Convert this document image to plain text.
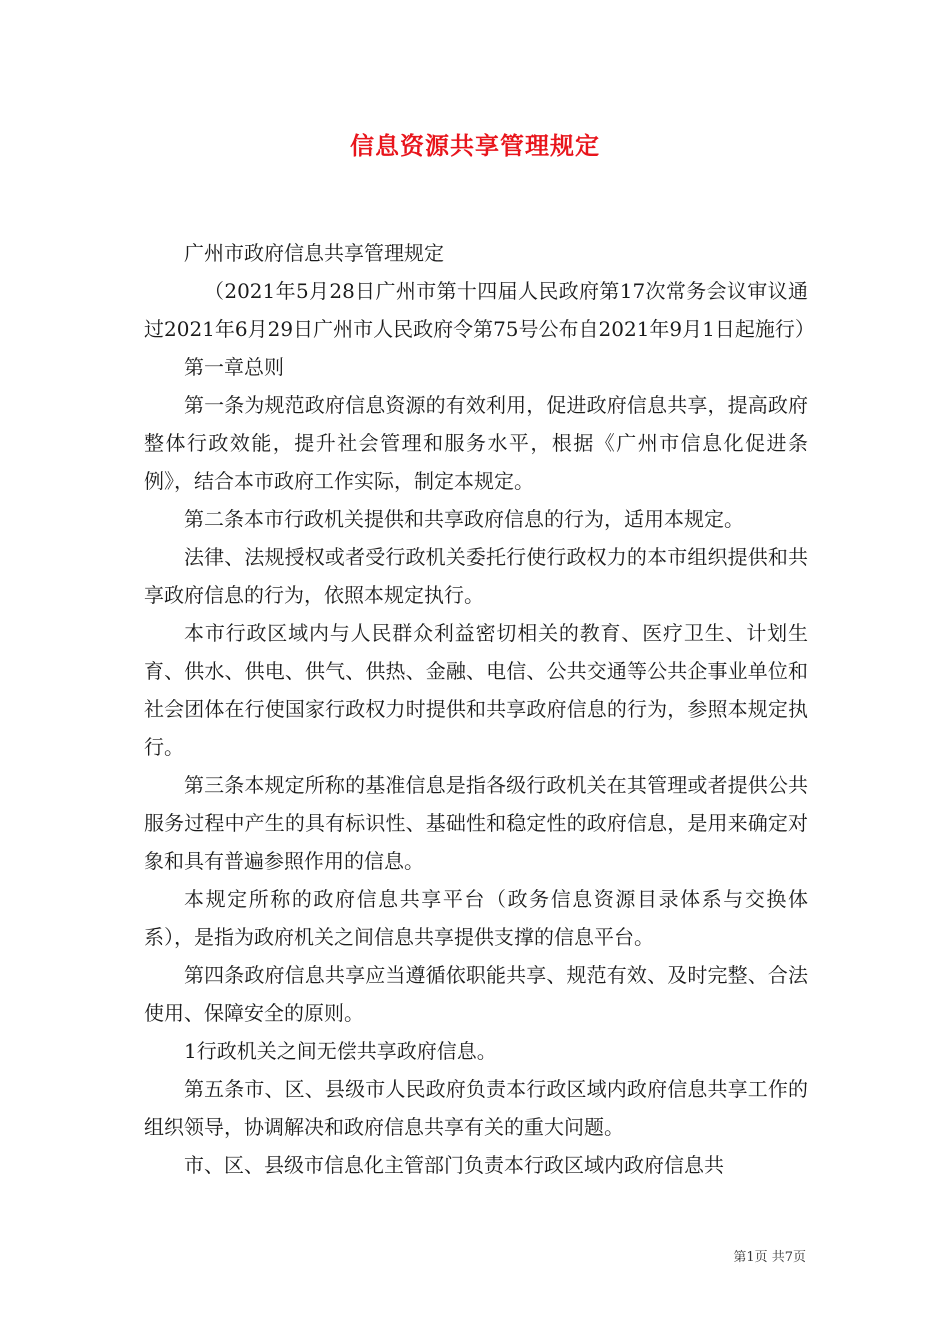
信息资源共享管理规定

广州市政府信息共享管理规定

（2021年5月28日广州市第十四届人民政府第17次常务会议审议通过2021年6月29日广州市人民政府令第75号公布自2021年9月1日起施行）

第一章总则

第一条为规范政府信息资源的有效利用，促进政府信息共享，提高政府整体行政效能，提升社会管理和服务水平，根据《广州市信息化促进条例》，结合本市政府工作实际，制定本规定。

第二条本市行政机关提供和共享政府信息的行为，适用本规定。

法律、法规授权或者受行政机关委托行使行政权力的本市组织提供和共享政府信息的行为，依照本规定执行。

本市行政区域内与人民群众利益密切相关的教育、医疗卫生、计划生育、供水、供电、供气、供热、金融、电信、公共交通等公共企事业单位和社会团体在行使国家行政权力时提供和共享政府信息的行为，参照本规定执行。

第三条本规定所称的基准信息是指各级行政机关在其管理或者提供公共服务过程中产生的具有标识性、基础性和稳定性的政府信息，是用来确定对象和具有普遍参照作用的信息。

本规定所称的政府信息共享平台（政务信息资源目录体系与交换体系），是指为政府机关之间信息共享提供支撑的信息平台。

第四条政府信息共享应当遵循依职能共享、规范有效、及时完整、合法使用、保障安全的原则。

1行政机关之间无偿共享政府信息。

第五条市、区、县级市人民政府负责本行政区域内政府信息共享工作的组织领导，协调解决和政府信息共享有关的重大问题。

市、区、县级市信息化主管部门负责本行政区域内政府信息共

第1页 共7页
